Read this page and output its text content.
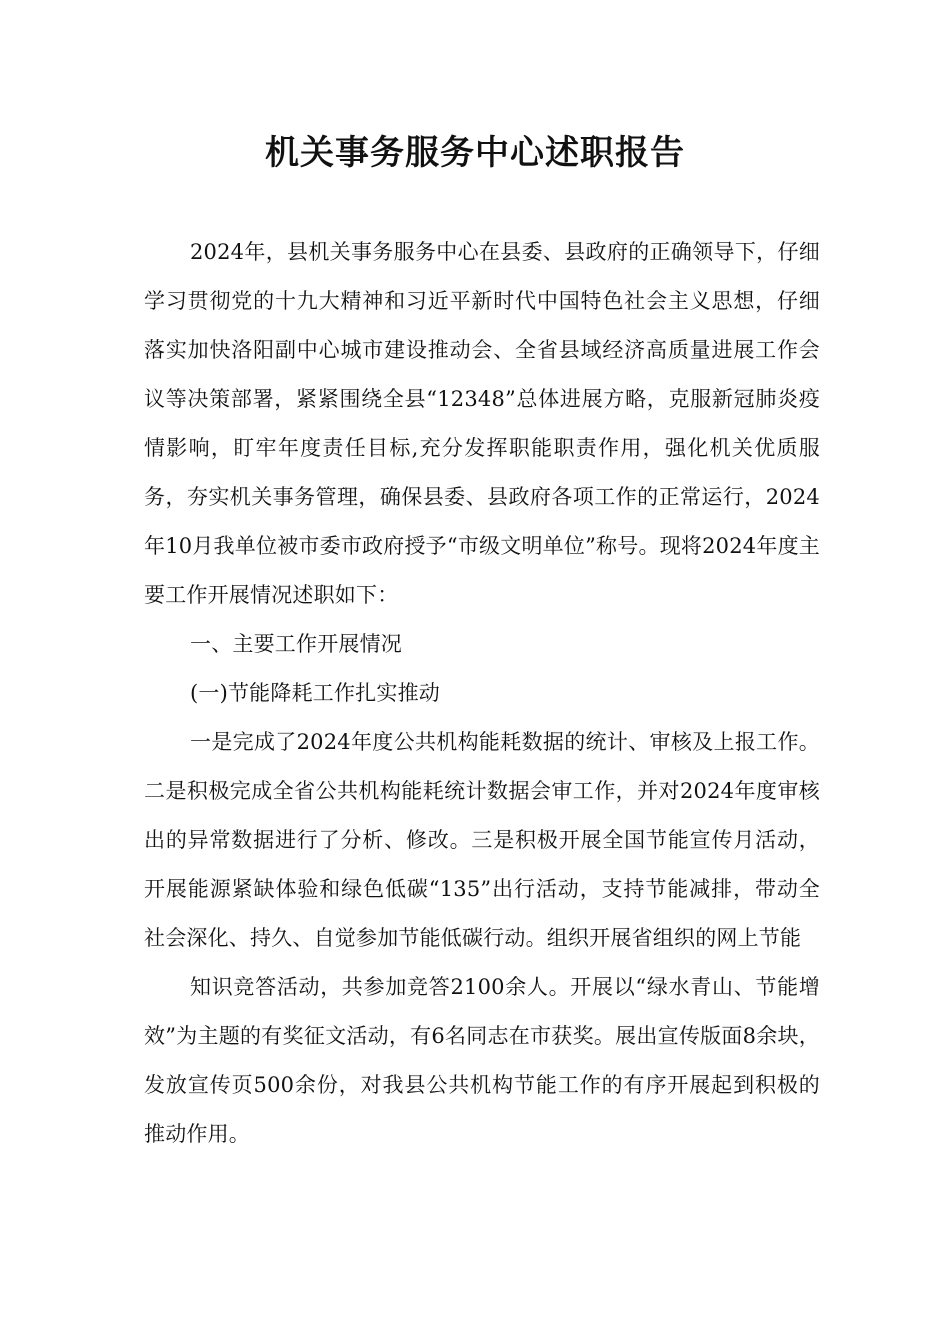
机关事务服务中心述职报告

2024年，县机关事务服务中心在县委、县政府的正确领导下，仔细学习贯彻党的十九大精神和习近平新时代中国特色社会主义思想，仔细落实加快洛阳副中心城市建设推动会、全省县域经济高质量进展工作会议等决策部署，紧紧围绕全县“12348”总体进展方略，克服新冠肺炎疫情影响，盯牢年度责任目标,充分发挥职能职责作用，强化机关优质服务，夯实机关事务管理，确保县委、县政府各项工作的正常运行，2024年10月我单位被市委市政府授予“市级文明单位”称号。现将2024年度主要工作开展情况述职如下：

一、主要工作开展情况

(一)节能降耗工作扎实推动

一是完成了2024年度公共机构能耗数据的统计、审核及上报工作。二是积极完成全省公共机构能耗统计数据会审工作，并对2024年度审核出的异常数据进行了分析、修改。三是积极开展全国节能宣传月活动，开展能源紧缺体验和绿色低碳“135”出行活动，支持节能减排，带动全社会深化、持久、自觉参加节能低碳行动。组织开展省组织的网上节能

知识竞答活动，共参加竞答2100余人。开展以“绿水青山、节能增效”为主题的有奖征文活动，有6名同志在市获奖。展出宣传版面8余块，发放宣传页500余份，对我县公共机构节能工作的有序开展起到积极的推动作用。
